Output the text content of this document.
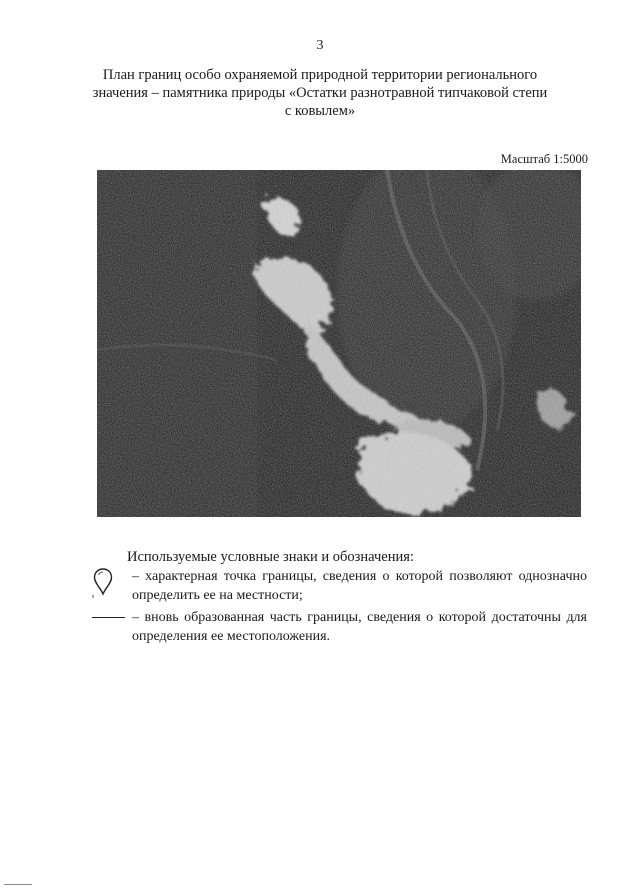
3
План границ особо охраняемой природной территории регионального
значения – памятника природы «Остатки разнотравной типчаковой степи
с ковылем»
Масштаб 1:5000
Используемые условные знаки и обозначения:
– характерная точка границы, сведения о которой позволяют однозначно определить ее на местности;
– вновь образованная часть границы, сведения о которой достаточны для определения ее местоположения.
